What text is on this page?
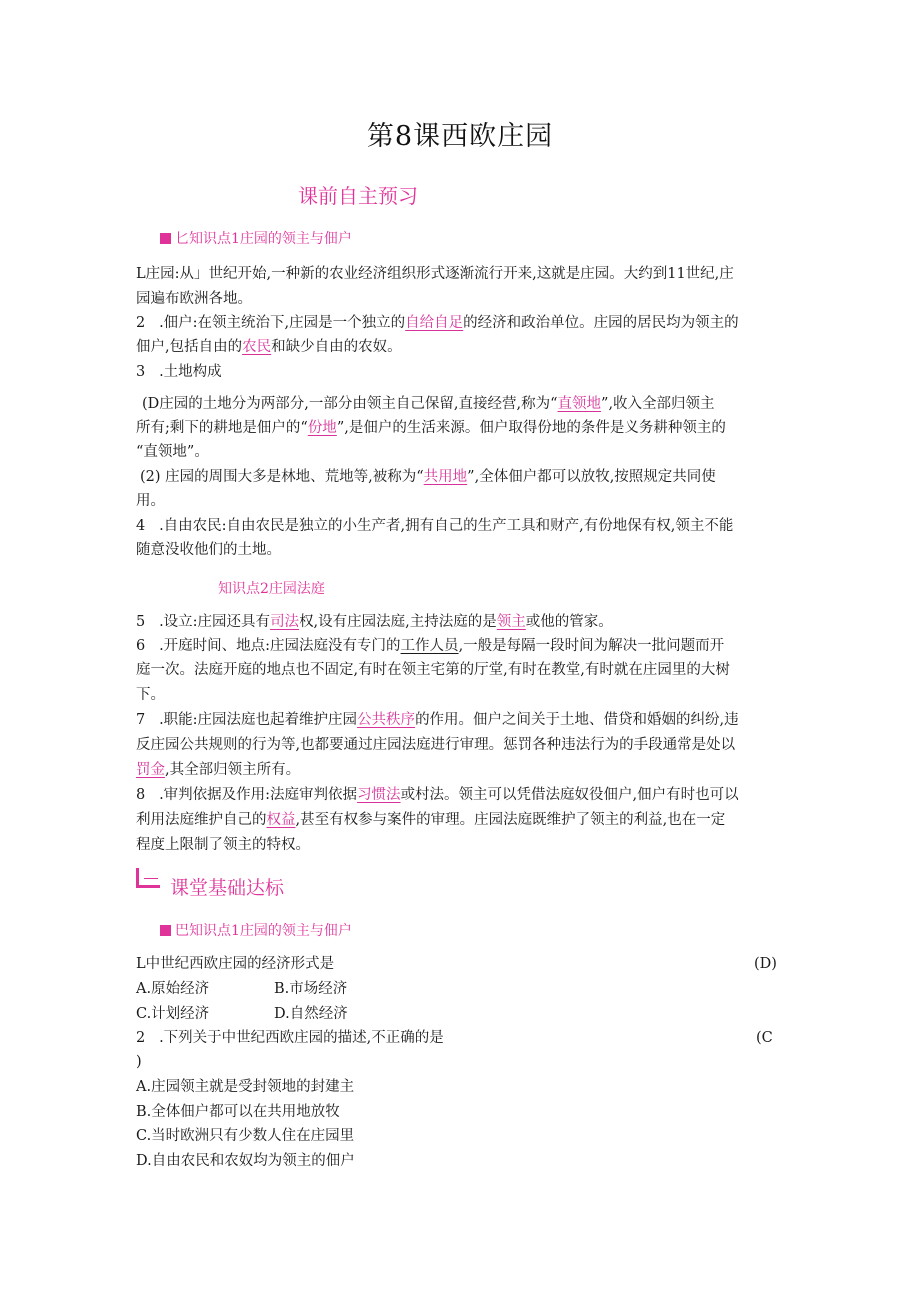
第8课西欧庄园
课前自主预习
匕知识点1庄园的领主与佃户
L庄园:从」世纪开始,一种新的农业经济组织形式逐渐流行开来,这就是庄园。大约到11世纪,庄
园遍布欧洲各地。
2 .佃户:在领主统治下,庄园是一个独立的自给自足的经济和政治单位。庄园的居民均为领主的
佃户,包括自由的农民和缺少自由的农奴。
3 .土地构成
(D庄园的土地分为两部分,一部分由领主自己保留,直接经营,称为“直领地”,收入全部归领主
所有;剩下的耕地是佃户的“份地”,是佃户的生活来源。佃户取得份地的条件是义务耕种领主的
“直领地”。
(2) 庄园的周围大多是林地、荒地等,被称为“共用地”,全体佃户都可以放牧,按照规定共同使
用。
4 .自由农民:自由农民是独立的小生产者,拥有自己的生产工具和财产,有份地保有权,领主不能
随意没收他们的土地。
知识点2庄园法庭
5 .设立:庄园还具有司法权,设有庄园法庭,主持法庭的是领主或他的管家。
6 .开庭时间、地点:庄园法庭没有专门的工作人员,一般是每隔一段时间为解决一批问题而开
庭一次。法庭开庭的地点也不固定,有时在领主宅第的厅堂,有时在教堂,有时就在庄园里的大树
下。
7 .职能:庄园法庭也起着维护庄园公共秩序的作用。佃户之间关于土地、借贷和婚姻的纠纷,违
反庄园公共规则的行为等,也都要通过庄园法庭进行审理。惩罚各种违法行为的手段通常是处以
罚金,其全部归领主所有。
8 .审判依据及作用:法庭审判依据习惯法或村法。领主可以凭借法庭奴役佃户,佃户有时也可以
利用法庭维护自己的权益,甚至有权参与案件的审理。庄园法庭既维护了领主的利益,也在一定
程度上限制了领主的特权。
课堂基础达标
巴知识点1庄园的领主与佃户
L中世纪西欧庄园的经济形式是	(D)
A.原始经济	B.市场经济
C.计划经济	D.自然经济
2 .下列关于中世纪西欧庄园的描述,不正确的是	(C
)
A.庄园领主就是受封领地的封建主
B.全体佃户都可以在共用地放牧
C.当时欧洲只有少数人住在庄园里
D.自由农民和农奴均为领主的佃户
